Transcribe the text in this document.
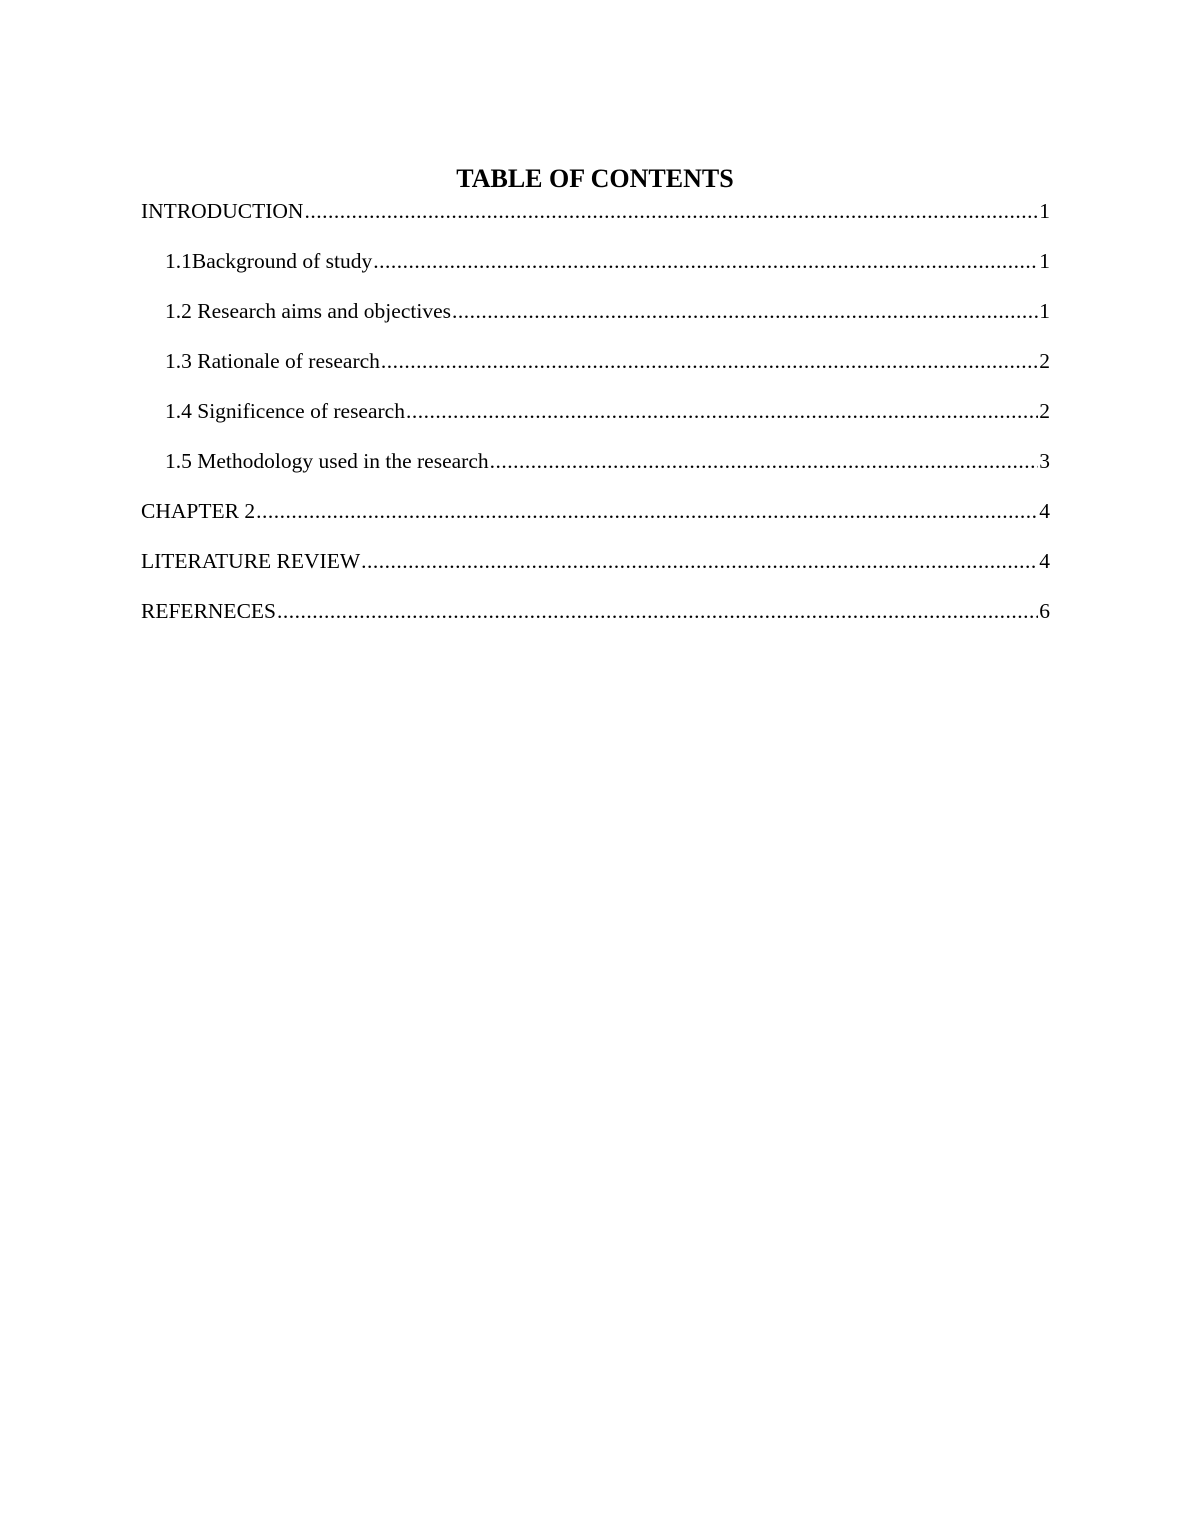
TABLE OF CONTENTS
INTRODUCTION .....	1
1.1Background of study .....	1
1.2 Research aims and objectives .....	1
1.3 Rationale of research .....	2
1.4 Significence of research .....	2
1.5 Methodology used in the research .....	3
CHAPTER 2 .....	4
LITERATURE REVIEW .....	4
REFERNECES .....	6
